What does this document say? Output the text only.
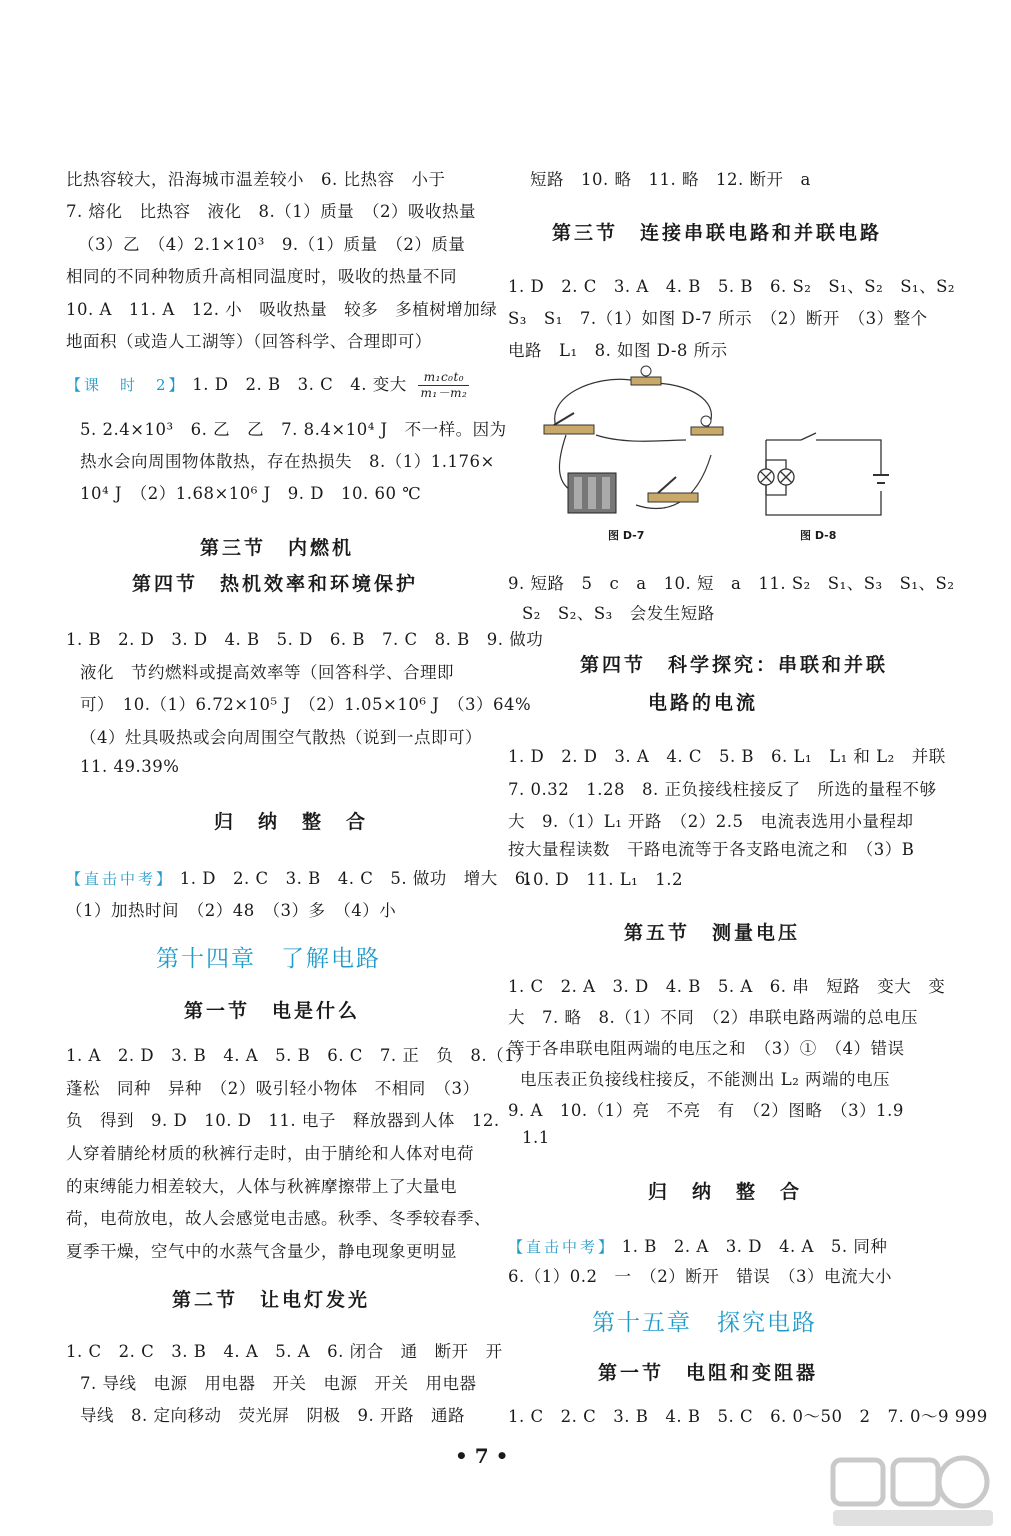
比热容较大，沿海城市温差较小　6. 比热容　小于
7. 熔化　比热容　液化　8.（1）质量　（2）吸收热量
（3）乙　（4）2.1×10³　9.（1）质量　（2）质量
相同的不同种物质升高相同温度时，吸收的热量不同
10. A　11. A　12. 小　吸收热量　较多　多植树增加绿
地面积（或造人工湖等）（回答科学、合理即可）
【课　时　2】 1. D　2. B　3. C　4. 变大 $\frac{\text{m₁c₀t₀}}{\text{m₁－m₂}}$
5. 2.4×10³　6. 乙　乙　7. 8.4×10⁴ J　不一样。因为
热水会向周围物体散热，存在热损失　8.（1）1.176×
10⁴ J　（2）1.68×10⁶ J　9. D　10. 60 ℃
第三节　内燃机
第四节　热机效率和环境保护
1. B　2. D　3. D　4. B　5. D　6. B　7. C　8. B　9. 做功
液化　节约燃料或提高效率等（回答科学、合理即
可）　10.（1）6.72×10⁵ J　（2）1.05×10⁶ J　（3）64%
（4）灶具吸热或会向周围空气散热（说到一点即可）
11. 49.39%
归　纳　整　合
【直击中考】 1. D　2. C　3. B　4. C　5. 做功　增大　6.
（1）加热时间　（2）48　（3）多　（4）小
第十四章　了解电路
第一节　电是什么
1. A　2. D　3. B　4. A　5. B　6. C　7. 正　负　8.（1）
蓬松　同种　异种　（2）吸引轻小物体　不相同　（3）
负　得到　9. D　10. D　11. 电子　释放器到人体　12.
人穿着腈纶材质的秋裤行走时，由于腈纶和人体对电荷
的束缚能力相差较大，人体与秋裤摩擦带上了大量电
荷，电荷放电，故人会感觉电击感。秋季、冬季较春季、
夏季干燥，空气中的水蒸气含量少，静电现象更明显
第二节　让电灯发光
1. C　2. C　3. B　4. A　5. A　6. 闭合　通　断开　开
7. 导线　电源　用电器　开关　电源　开关　用电器
导线　8. 定向移动　荧光屏　阴极　9. 开路　通路
短路　10. 略　11. 略　12. 断开　a
第三节　连接串联电路和并联电路
1. D　2. C　3. A　4. B　5. B　6. S₂　S₁、S₂　S₁、S₂
S₃　S₁　7.（1）如图 D-7 所示　（2）断开　（3）整个
电路　L₁　8. 如图 D-8 所示
图 D-7	图 D-8
9. 短路　5　c　a　10. 短　a　11. S₂　S₁、S₃　S₁、S₂
S₂　S₂、S₃　会发生短路
第四节　科学探究：串联和并联
电路的电流
1. D　2. D　3. A　4. C　5. B　6. L₁　L₁ 和 L₂　并联
7. 0.32　1.28　8. 正负接线柱接反了　所选的量程不够
大　9.（1）L₁ 开路　（2）2.5　电流表选用小量程却
按大量程读数　干路电流等于各支路电流之和　（3）B
10. D　11. L₁　1.2
第五节　测量电压
1. C　2. A　3. D　4. B　5. A　6. 串　短路　变大　变
大　7. 略　8.（1）不同　（2）串联电路两端的总电压
等于各串联电阻两端的电压之和　（3）①　（4）错误
电压表正负接线柱接反，不能测出 L₂ 两端的电压
9. A　10.（1）亮　不亮　有　（2）图略　（3）1.9
1.1
归　纳　整　合
【直击中考】 1. B　2. A　3. D　4. A　5. 同种
6.（1）0.2　一　（2）断开　错误　（3）电流大小
第十五章　探究电路
第一节　电阻和变阻器
1. C　2. C　3. B　4. B　5. C　6. 0～50　2　7. 0～9 999
• 7 •
